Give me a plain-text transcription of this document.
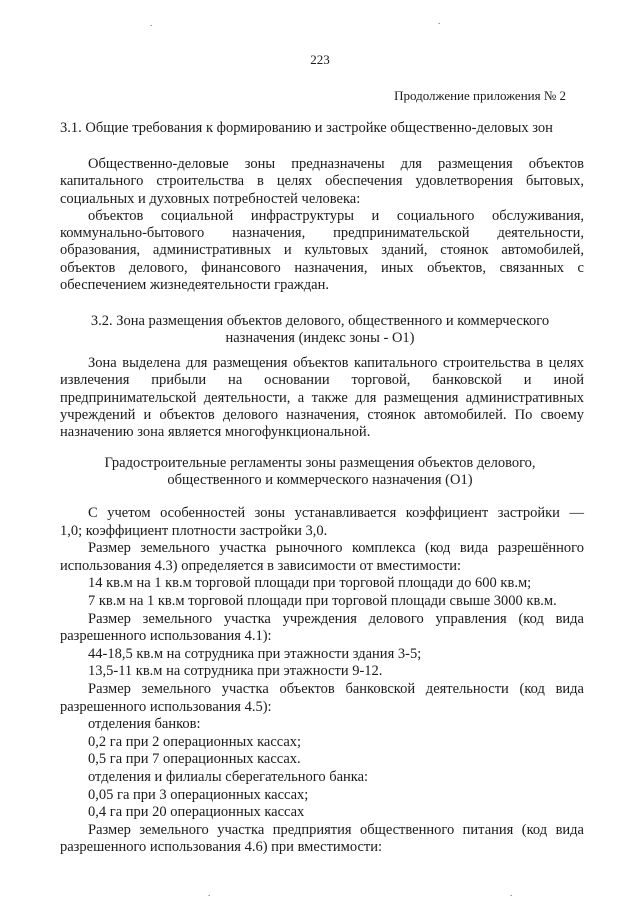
.	.
.	.
223
Продолжение приложения № 2
3.1. Общие требования к формированию и застройке общественно-деловых зон

Общественно-деловые зоны предназначены для размещения объектов капитального строительства в целях обеспечения удовлетворения бытовых, социальных и духовных потребностей человека:

объектов социальной инфраструктуры и социального обслуживания, коммунально-бытового назначения, предпринимательской деятельности, образования, административных и культовых зданий, стоянок автомобилей, объектов делового, финансового назначения, иных объектов, связанных с обеспечением жизнедеятельности граждан.

3.2. Зона размещения объектов делового, общественного и коммерческого
назначения (индекс зоны - О1)

Зона выделена для размещения объектов капитального строительства в целях извлечения прибыли на основании торговой, банковской и иной предпринимательской деятельности, а также для размещения административных учреждений и объектов делового назначения, стоянок автомобилей. По своему назначению зона является многофункциональной.

Градостроительные регламенты зоны размещения объектов делового,
общественного и коммерческого назначения (О1)
С учетом особенностей зоны устанавливается коэффициент застройки —
1,0; коэффициент плотности застройки 3,0.
Размер земельного участка рыночного комплекса (код вида разрешённого
использования 4.3) определяется в зависимости от вместимости:
14 кв.м на 1 кв.м торговой площади при торговой площади до 600 кв.м;
7 кв.м на 1 кв.м торговой площади при торговой площади свыше 3000 кв.м.
Размер земельного участка учреждения делового управления (код вида
разрешенного использования 4.1):
44-18,5 кв.м на сотрудника при этажности здания 3-5;
13,5-11 кв.м на сотрудника при этажности 9-12.
Размер земельного участка объектов банковской деятельности (код вида
разрешенного использования 4.5):
отделения банков:
0,2 га при 2 операционных кассах;
0,5 га при 7 операционных кассах.
отделения и филиалы сберегательного банка:
0,05 га при 3 операционных кассах;
0,4 га при 20 операционных кассах
Размер земельного участка предприятия общественного питания (код вида
разрешенного использования 4.6) при вместимости:
